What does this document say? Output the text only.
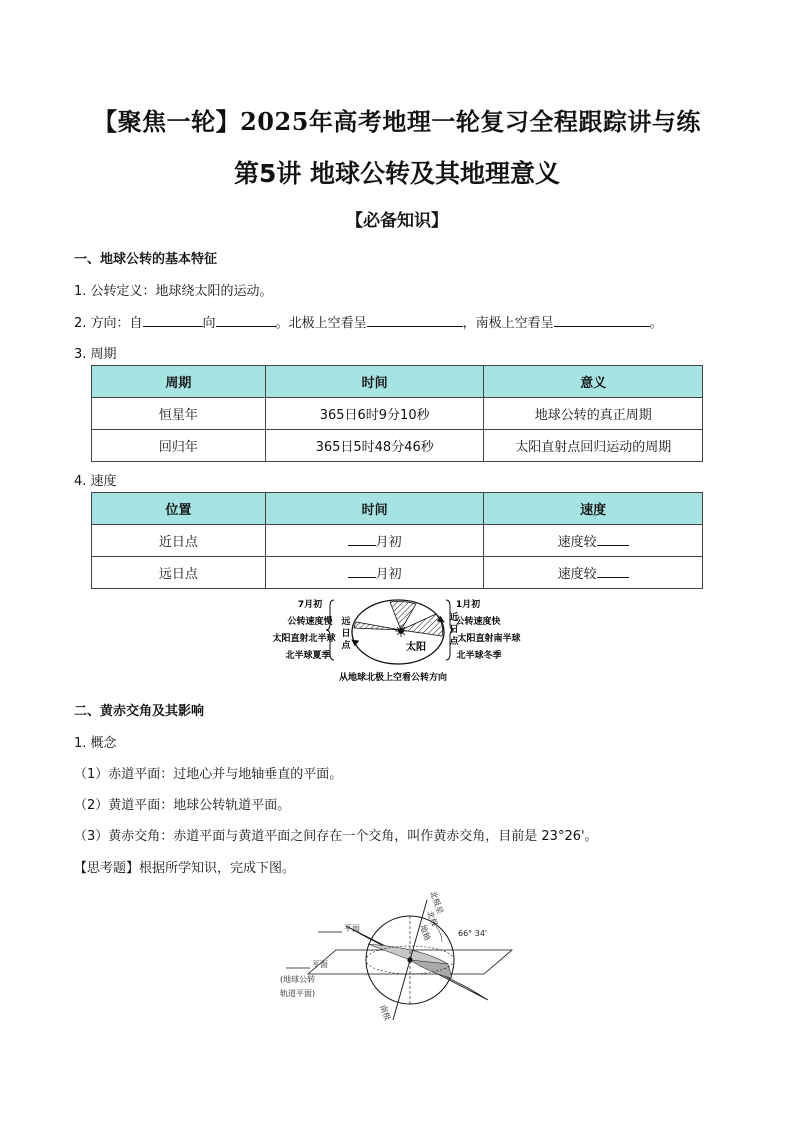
【聚焦一轮】2025年高考地理一轮复习全程跟踪讲与练
第5讲 地球公转及其地理意义
【必备知识】
一、地球公转的基本特征
1. 公转定义：地球绕太阳的运动。
2. 方向：自	向	。北极上空看呈	，南极上空看呈	。
3. 周期
周期	时间	意义
恒星年	365日6时9分10秒	地球公转的真正周期
回归年	365日5时48分46秒	太阳直射点回归运动的周期
4. 速度
位置	时间	速度
近日点	月初	速度较
远日点	月初	速度较
7月初
公转速度慢
太阳直射北半球
北半球夏季
远
日
点	太阳
近
日
点
1月初
公转速度快
太阳直射南半球
北半球冬季
从地球北极上空看公转方向
二、黄赤交角及其影响
1. 概念
（1）赤道平面：过地心并与地轴垂直的平面。
（2）黄道平面：地球公转轨道平面。
（3）黄赤交角：赤道平面与黄道平面之间存在一个交角，叫作黄赤交角，目前是 23°26'。
【思考题】根据所学知识，完成下图。
北极星
北极
地轴
南极
66° 34'
平面
平面
(地球公转
轨道平面)
